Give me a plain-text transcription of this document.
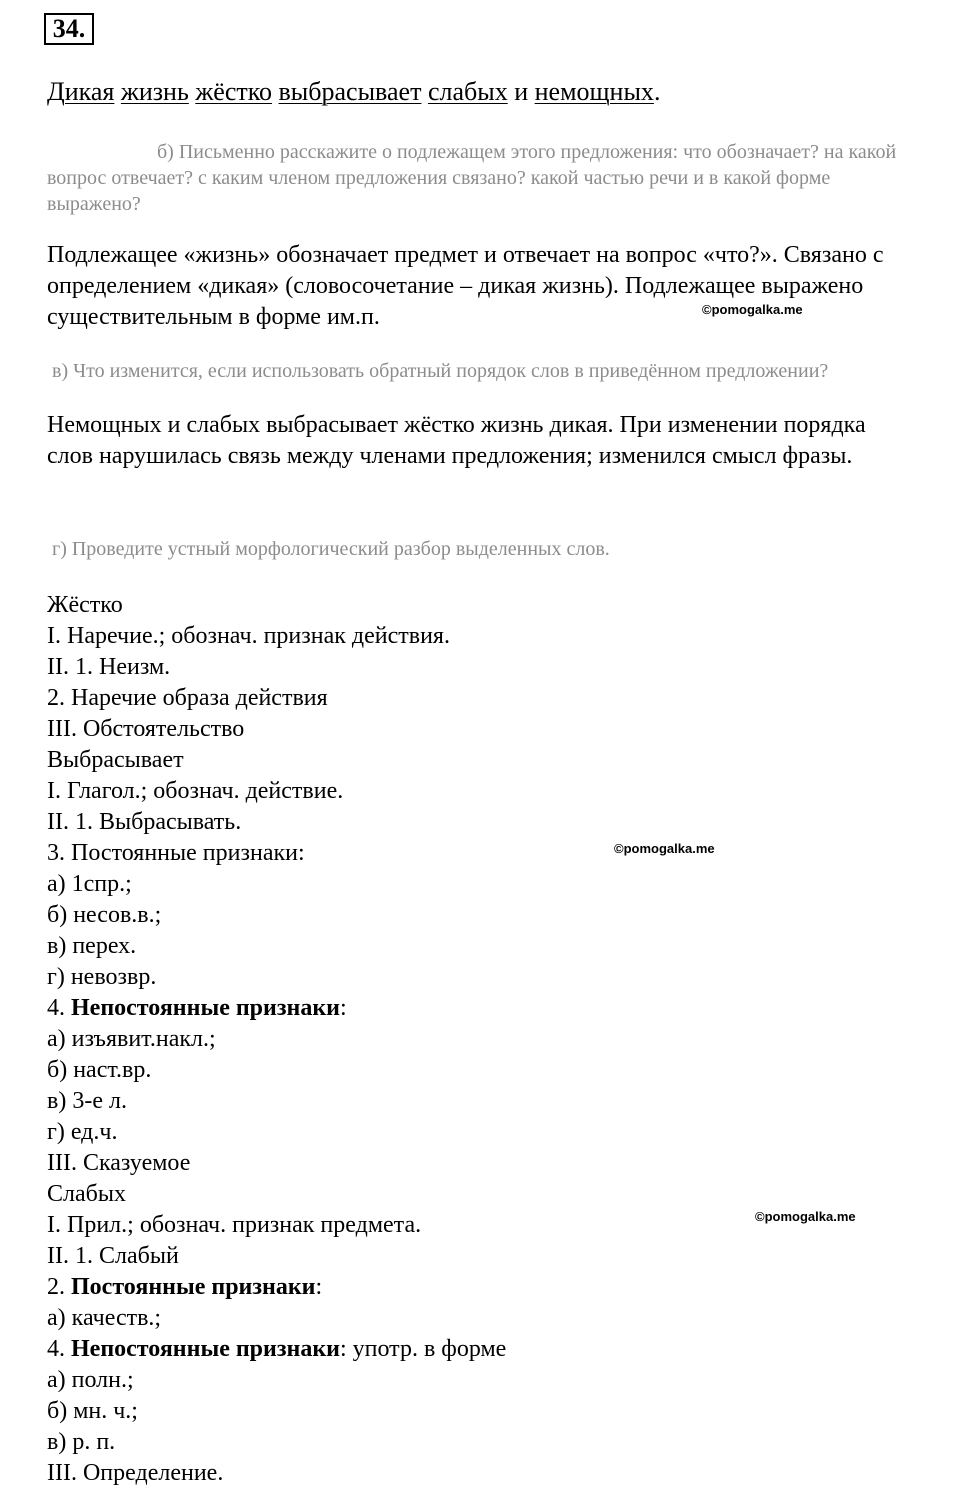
34.
Дикая жизнь жёстко выбрасывает слабых и немощных.
б) Письменно расскажите о подлежащем этого предложения: что обозначает? на какой вопрос отвечает? с каким членом предложения связано? какой частью речи и в какой форме выражено?
Подлежащее «жизнь» обозначает предмет и отвечает на вопрос «что?». Связано с определением «дикая» (словосочетание – дикая жизнь). Подлежащее выражено существительным в форме им.п.	©pomogalka.me
в) Что изменится, если использовать обратный порядок слов в приведённом предложении?
Немощных и слабых выбрасывает жёстко жизнь дикая. При изменении порядка слов нарушилась связь между членами предложения; изменился смысл фразы.
г) Проведите устный морфологический разбор выделенных слов.
Жёстко
I. Наречие.; обознач. признак действия.
II. 1. Неизм.
2. Наречие образа действия
III. Обстоятельство
Выбрасывает
I. Глагол.; обознач. действие.
II. 1. Выбрасывать.
3. Постоянные признаки:
а) 1спр.;
б) несов.в.;
в) перех.
г) невозвр.
4. Непостоянные признаки:
а) изъявит.накл.;
б) наст.вр.
в) 3-е л.
г) ед.ч.
III. Сказуемое
Слабых
I. Прил.; обознач. признак предмета.
II. 1. Слабый
2. Постоянные признаки:
а) качеств.;
4. Непостоянные признаки: употр. в форме
а) полн.;
б) мн. ч.;
в) р. п.
III. Определение.
©pomogalka.me
©pomogalka.me
